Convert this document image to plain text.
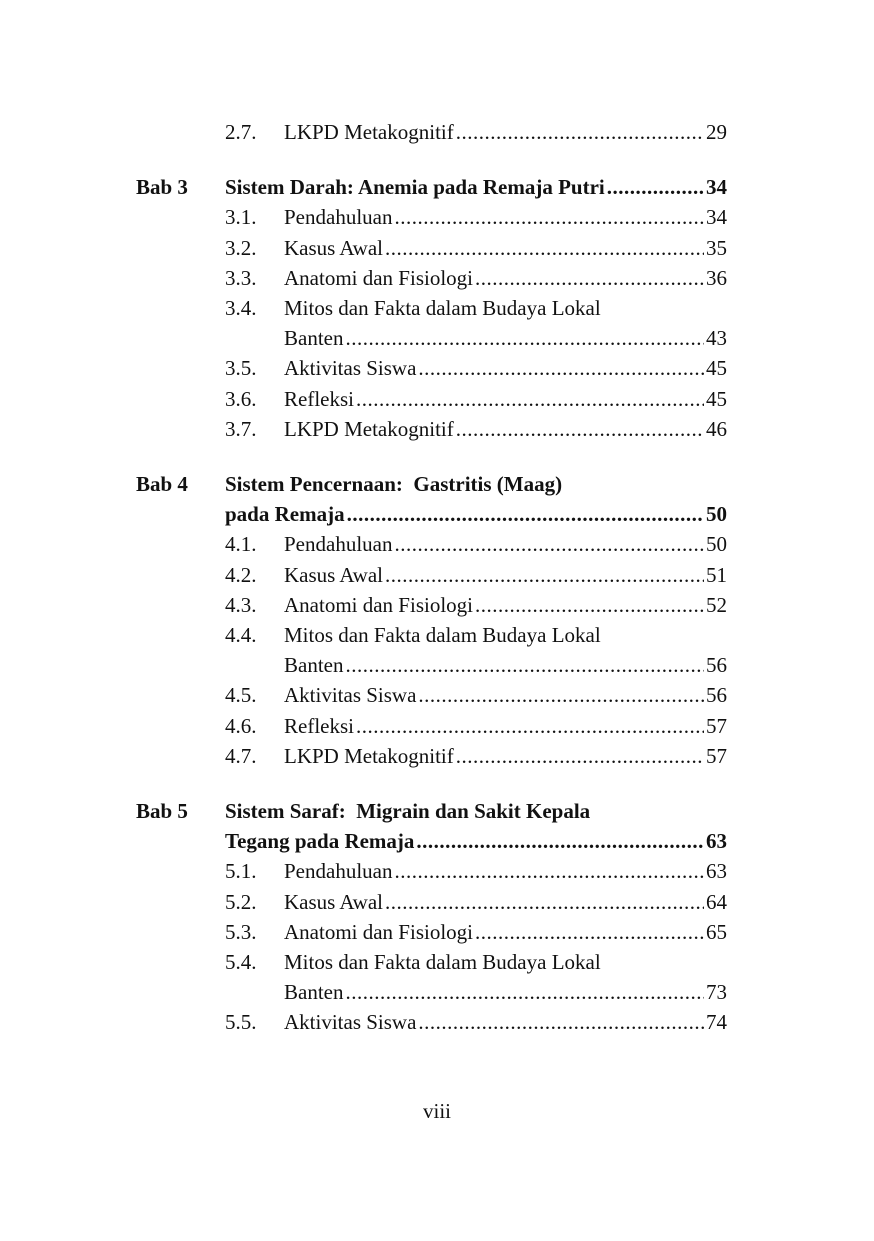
2.7.	LKPD Metakognitif .....	29
Bab 3 Sistem Darah: Anemia pada Remaja Putri .....	34
3.1.	Pendahuluan .....	34
3.2.	Kasus Awal .....	35
3.3.	Anatomi dan Fisiologi .....	36
3.4.	Mitos dan Fakta dalam Budaya Lokal
Banten .....	43
3.5.	Aktivitas Siswa .....	45
3.6.	Refleksi .....	45
3.7.	LKPD Metakognitif .....	46
Bab 4 Sistem Pencernaan:  Gastritis (Maag)
pada Remaja .....	50
4.1.	Pendahuluan .....	50
4.2.	Kasus Awal .....	51
4.3.	Anatomi dan Fisiologi .....	52
4.4.	Mitos dan Fakta dalam Budaya Lokal
Banten .....	56
4.5.	Aktivitas Siswa .....	56
4.6.	Refleksi .....	57
4.7.	LKPD Metakognitif .....	57
Bab 5 Sistem Saraf:  Migrain dan Sakit Kepala
Tegang pada Remaja .....	63
5.1.	Pendahuluan .....	63
5.2.	Kasus Awal .....	64
5.3.	Anatomi dan Fisiologi .....	65
5.4.	Mitos dan Fakta dalam Budaya Lokal
Banten .....	73
5.5.	Aktivitas Siswa .....	74
viii
